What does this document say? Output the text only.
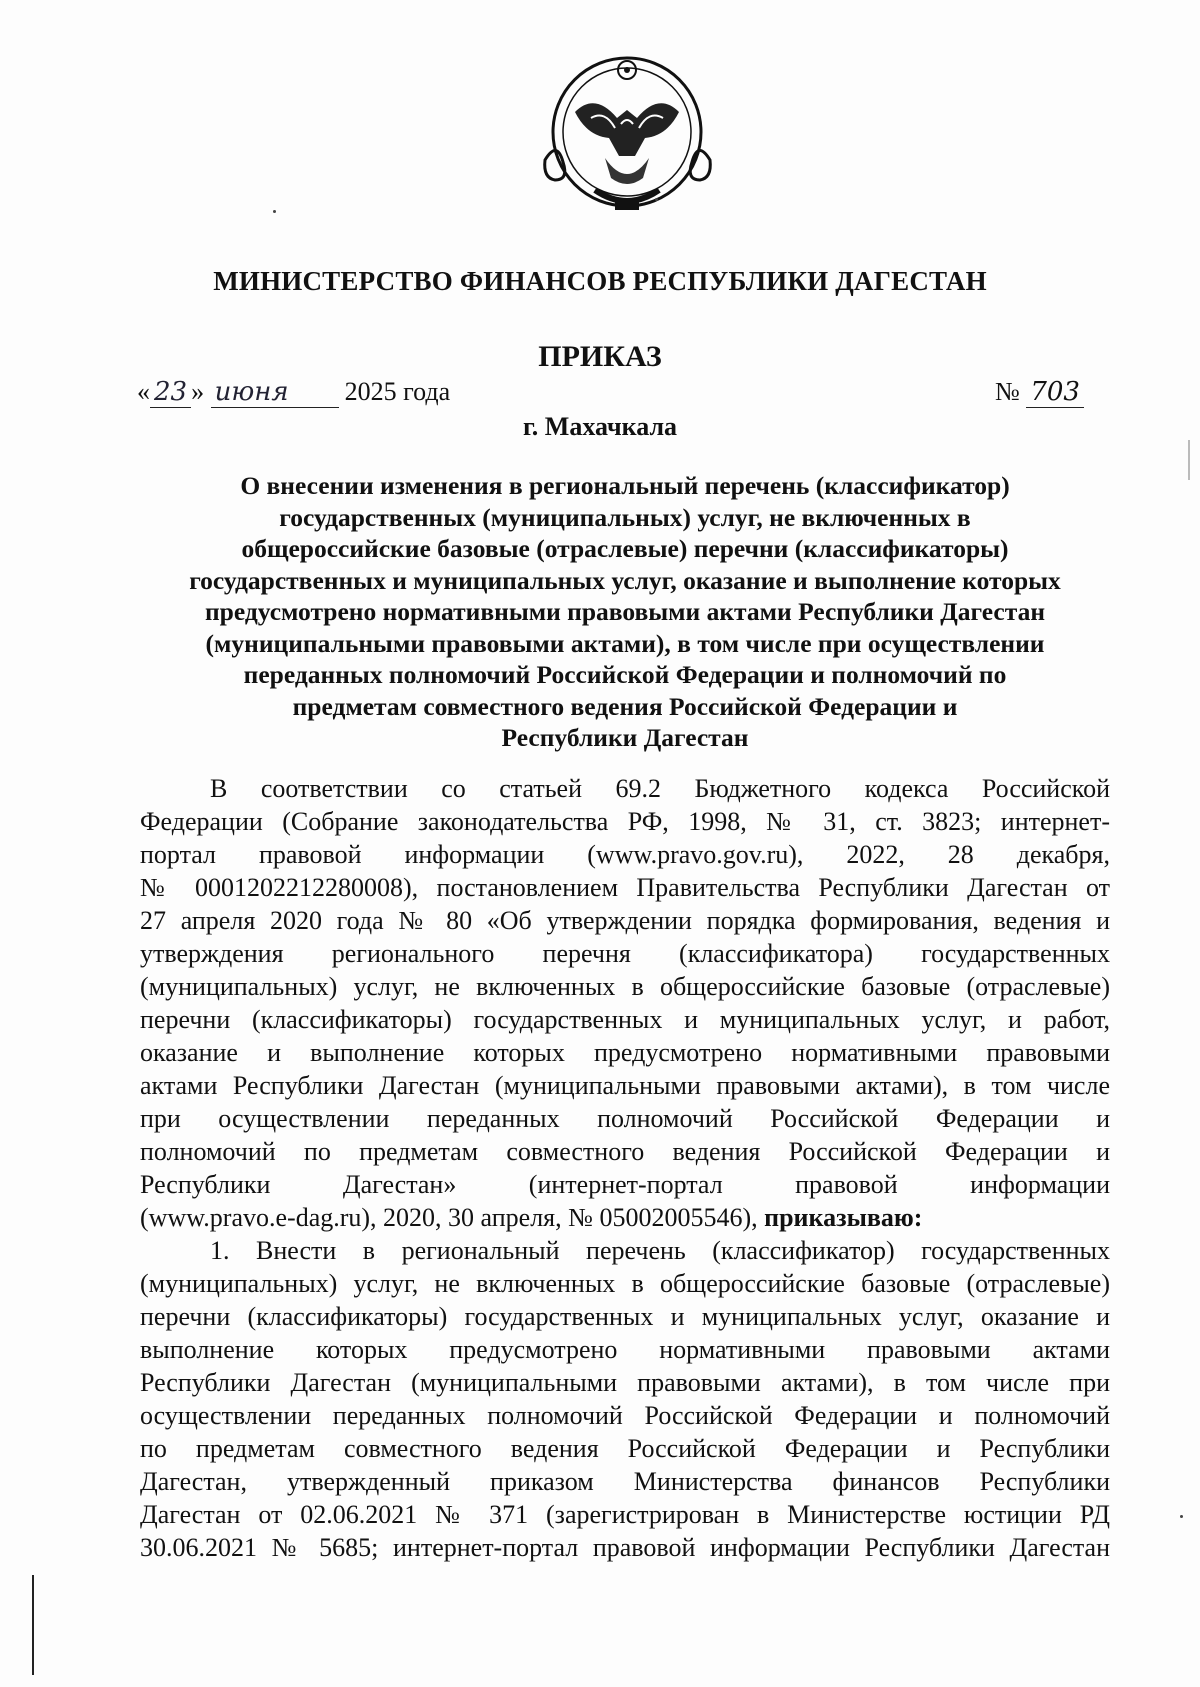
МИНИСТЕРСТВО ФИНАНСОВ РЕСПУБЛИКИ ДАГЕСТАН
ПРИКАЗ
« 23 » июня 2025 года	№ 703
г. Махачкала
О внесении изменения в региональный перечень (классификатор)
государственных (муниципальных) услуг, не включенных в
общероссийские базовые (отраслевые) перечни (классификаторы)
государственных и муниципальных услуг, оказание и выполнение которых
предусмотрено нормативными правовыми актами Республики Дагестан
(муниципальными правовыми актами), в том числе при осуществлении
переданных полномочий Российской Федерации и полномочий по
предметам совместного ведения Российской Федерации и
Республики Дагестан
В соответствии со статьей 69.2 Бюджетного кодекса Российской
Федерации (Собрание законодательства РФ, 1998, № 31, ст. 3823; интернет-
портал правовой информации (www.pravo.gov.ru), 2022, 28 декабря,
№ 0001202212280008), постановлением Правительства Республики Дагестан от
27 апреля 2020 года № 80 «Об утверждении порядка формирования, ведения и
утверждения регионального перечня (классификатора) государственных
(муниципальных) услуг, не включенных в общероссийские базовые (отраслевые)
перечни (классификаторы) государственных и муниципальных услуг, и работ,
оказание и выполнение которых предусмотрено нормативными правовыми
актами Республики Дагестан (муниципальными правовыми актами), в том числе
при осуществлении переданных полномочий Российской Федерации и
полномочий по предметам совместного ведения Российской Федерации и
Республики Дагестан» (интернет-портал правовой информации
(www.pravo.e-dag.ru), 2020, 30 апреля, № 05002005546), приказываю:
1. Внести в региональный перечень (классификатор) государственных
(муниципальных) услуг, не включенных в общероссийские базовые (отраслевые)
перечни (классификаторы) государственных и муниципальных услуг, оказание и
выполнение которых предусмотрено нормативными правовыми актами
Республики Дагестан (муниципальными правовыми актами), в том числе при
осуществлении переданных полномочий Российской Федерации и полномочий
по предметам совместного ведения Российской Федерации и Республики
Дагестан, утвержденный приказом Министерства финансов Республики
Дагестан от 02.06.2021 № 371 (зарегистрирован в Министерстве юстиции РД
30.06.2021 № 5685; интернет-портал правовой информации Республики Дагестан
